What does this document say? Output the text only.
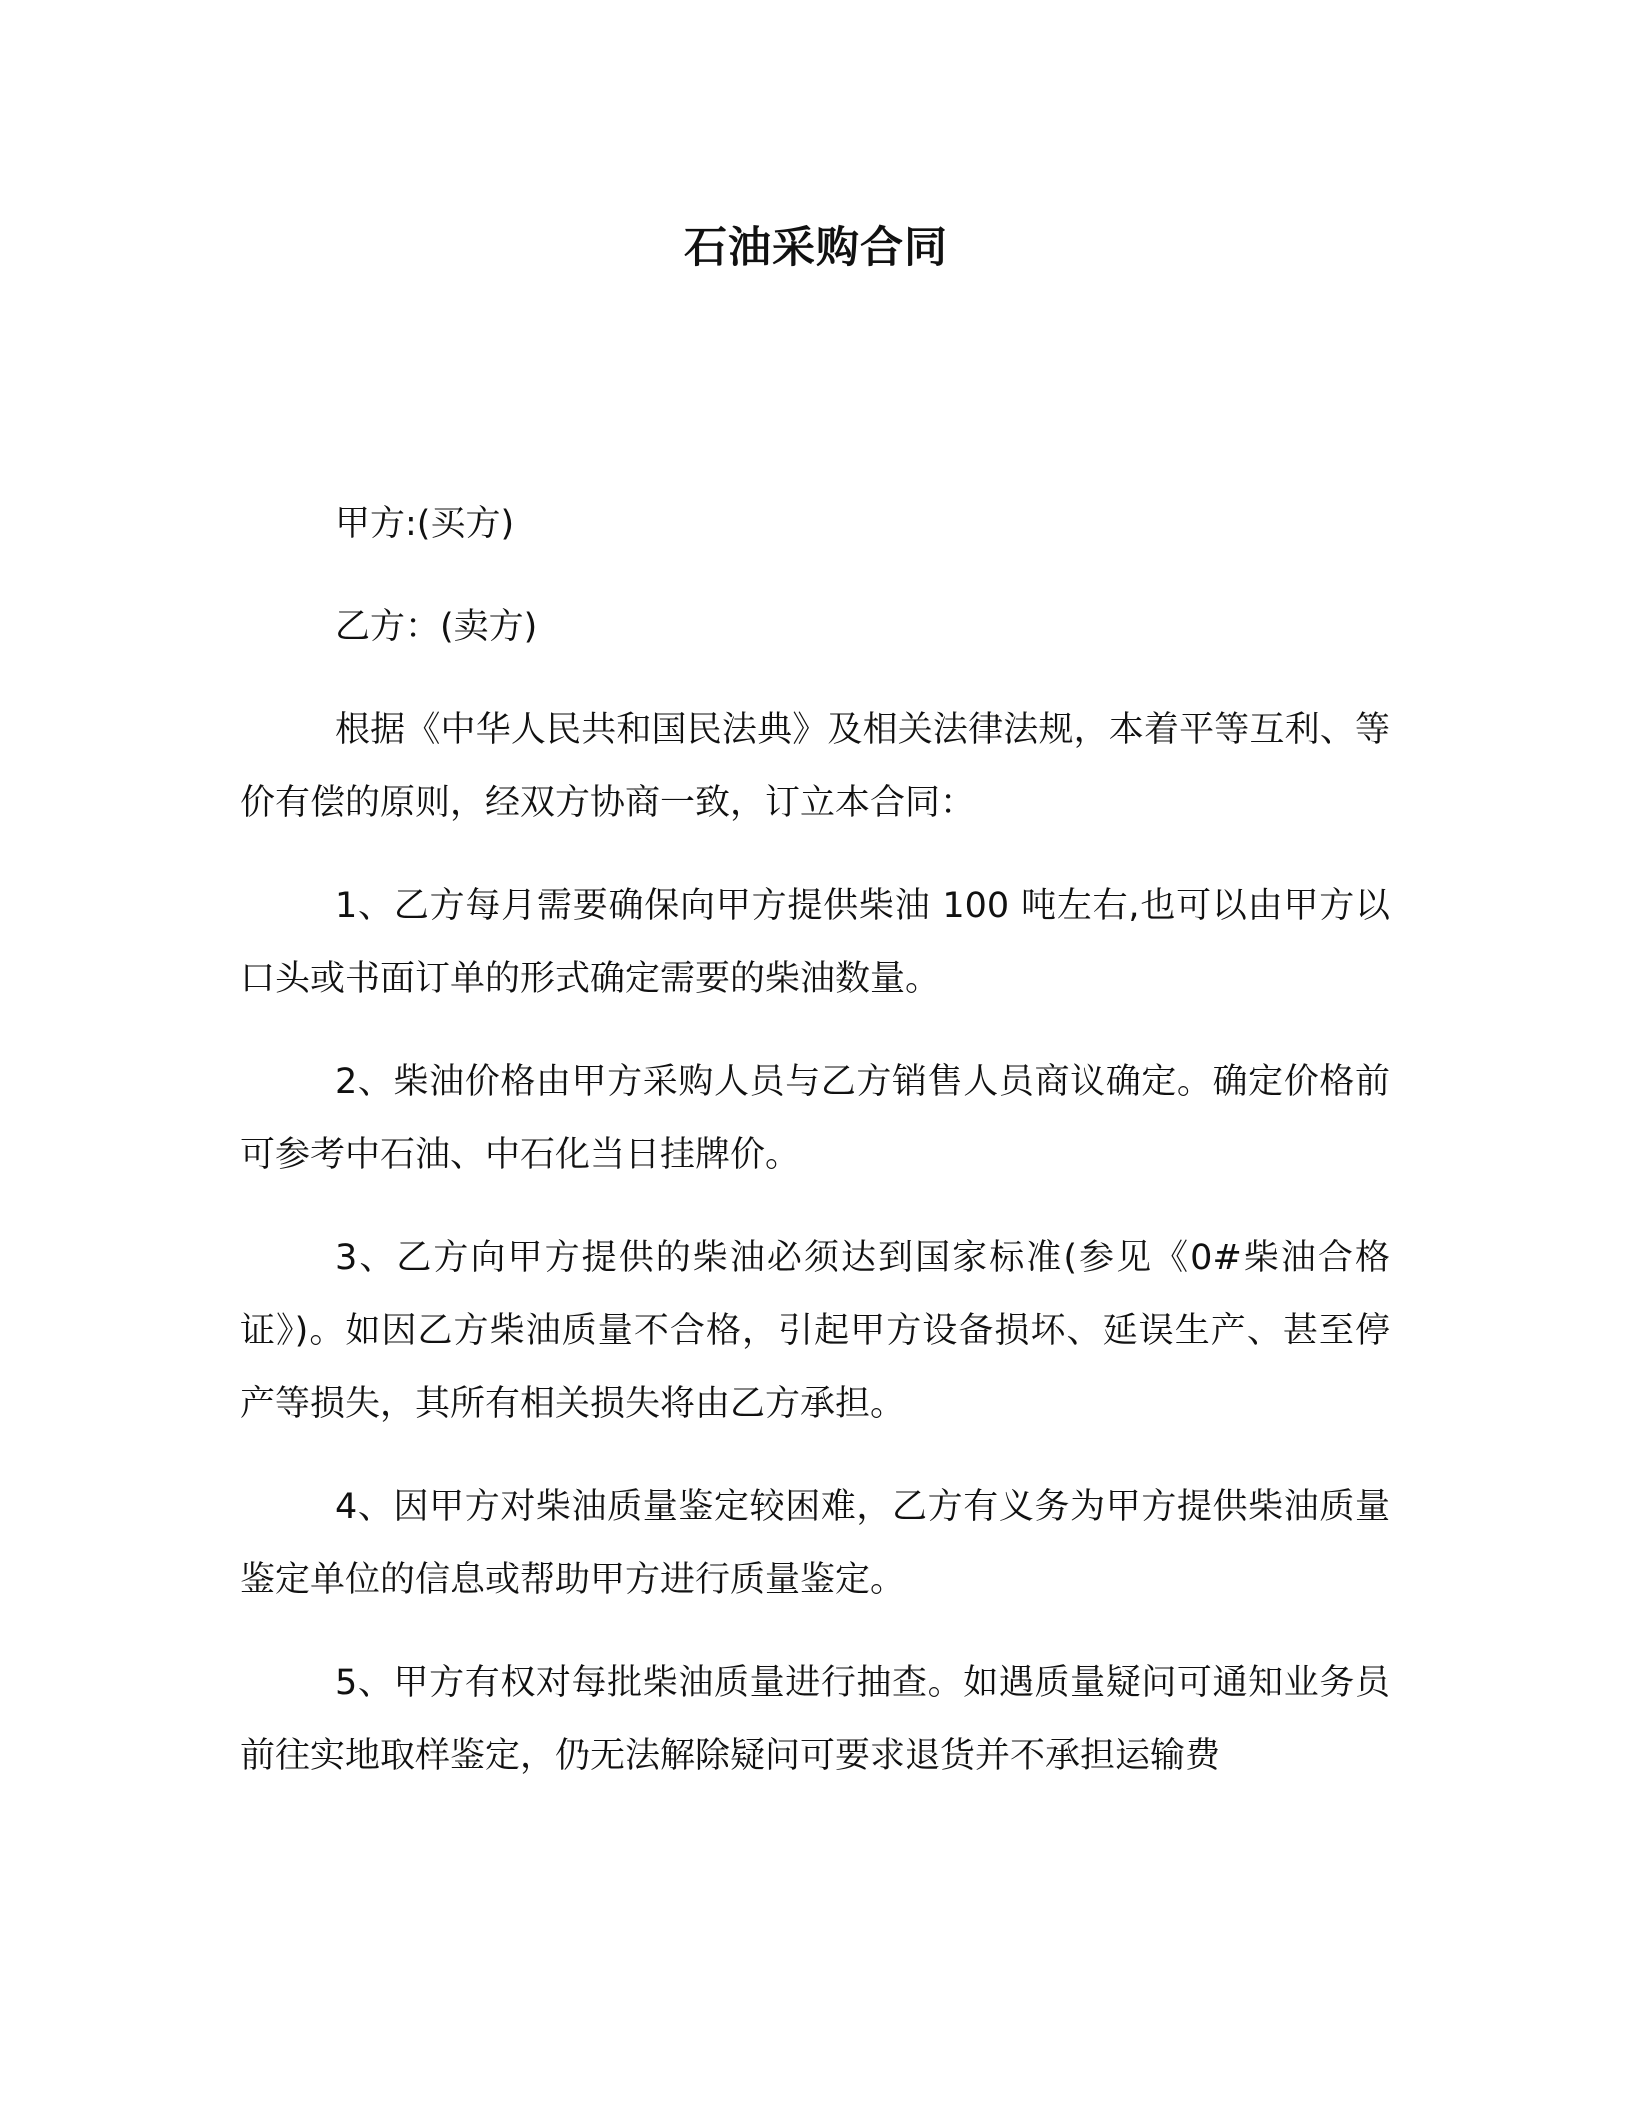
石油采购合同

甲方:(买方)

乙方：(卖方)

根据《中华人民共和国民法典》及相关法律法规，本着平等互利、等价有偿的原则，经双方协商一致，订立本合同：

1、乙方每月需要确保向甲方提供柴油 100 吨左右,也可以由甲方以口头或书面订单的形式确定需要的柴油数量。

2、柴油价格由甲方采购人员与乙方销售人员商议确定。确定价格前可参考中石油、中石化当日挂牌价。

3、乙方向甲方提供的柴油必须达到国家标准(参见《0#柴油合格证》)。如因乙方柴油质量不合格，引起甲方设备损坏、延误生产、甚至停产等损失，其所有相关损失将由乙方承担。

4、因甲方对柴油质量鉴定较困难，乙方有义务为甲方提供柴油质量鉴定单位的信息或帮助甲方进行质量鉴定。

5、甲方有权对每批柴油质量进行抽查。如遇质量疑问可通知业务员前往实地取样鉴定，仍无法解除疑问可要求退货并不承担运输费
